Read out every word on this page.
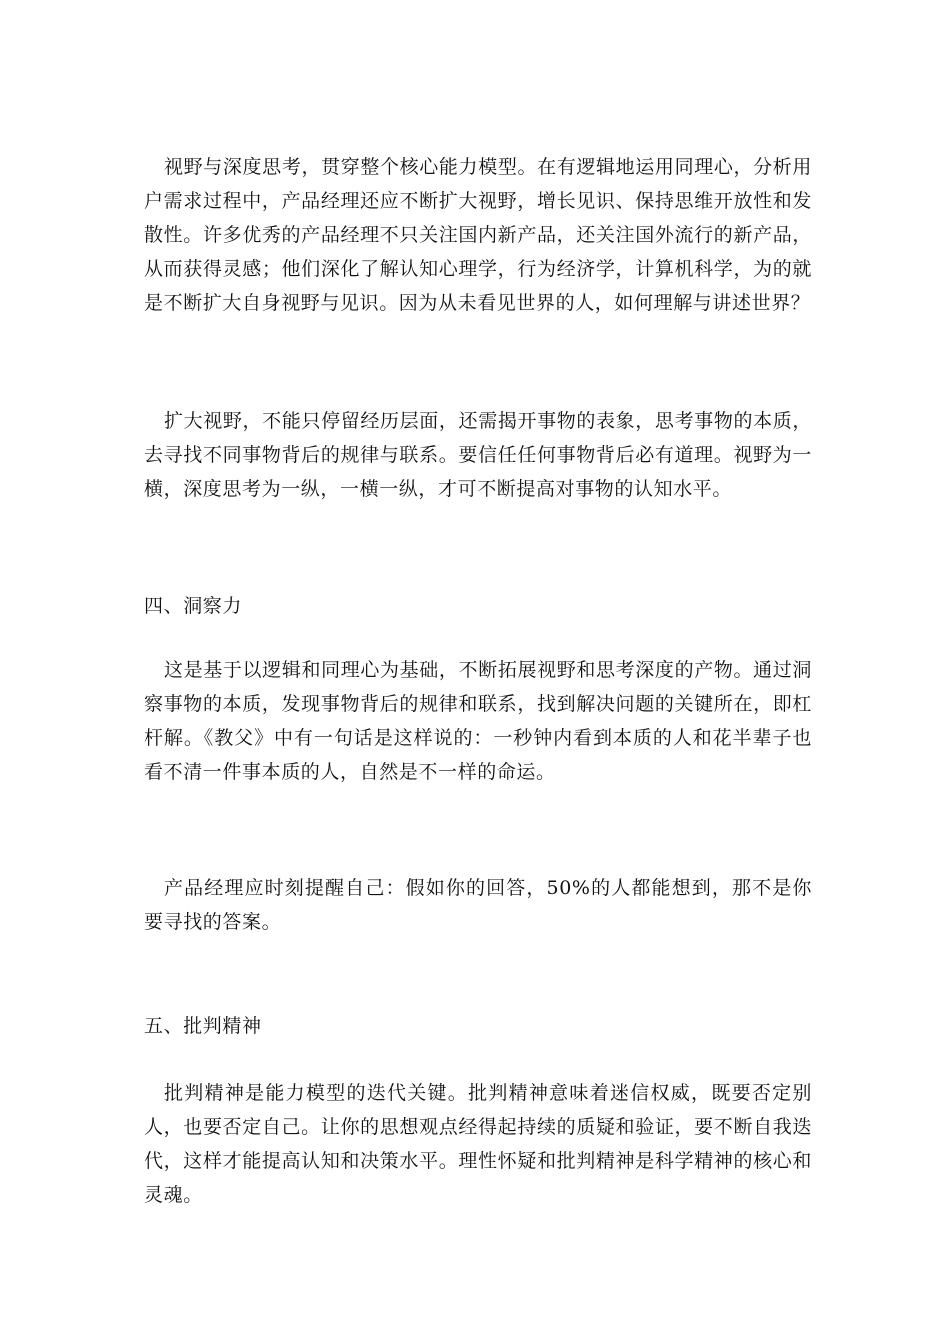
视野与深度思考，贯穿整个核心能力模型。在有逻辑地运用同理心，分析用户需求过程中，产品经理还应不断扩大视野，增长见识、保持思维开放性和发散性。许多优秀的产品经理不只关注国内新产品，还关注国外流行的新产品，从而获得灵感；他们深化了解认知心理学，行为经济学，计算机科学，为的就是不断扩大自身视野与见识。因为从未看见世界的人，如何理解与讲述世界？

扩大视野，不能只停留经历层面，还需揭开事物的表象，思考事物的本质，去寻找不同事物背后的规律与联系。要信任任何事物背后必有道理。视野为一横，深度思考为一纵，一横一纵，才可不断提高对事物的认知水平。

四、洞察力

这是基于以逻辑和同理心为基础，不断拓展视野和思考深度的产物。通过洞察事物的本质，发现事物背后的规律和联系，找到解决问题的关键所在，即杠杆解。《教父》中有一句话是这样说的：一秒钟内看到本质的人和花半辈子也看不清一件事本质的人，自然是不一样的命运。

产品经理应时刻提醒自己：假如你的回答，50%的人都能想到，那不是你要寻找的答案。

五、批判精神

批判精神是能力模型的迭代关键。批判精神意味着迷信权威，既要否定别人，也要否定自己。让你的思想观点经得起持续的质疑和验证，要不断自我迭代，这样才能提高认知和决策水平。理性怀疑和批判精神是科学精神的核心和灵魂。
